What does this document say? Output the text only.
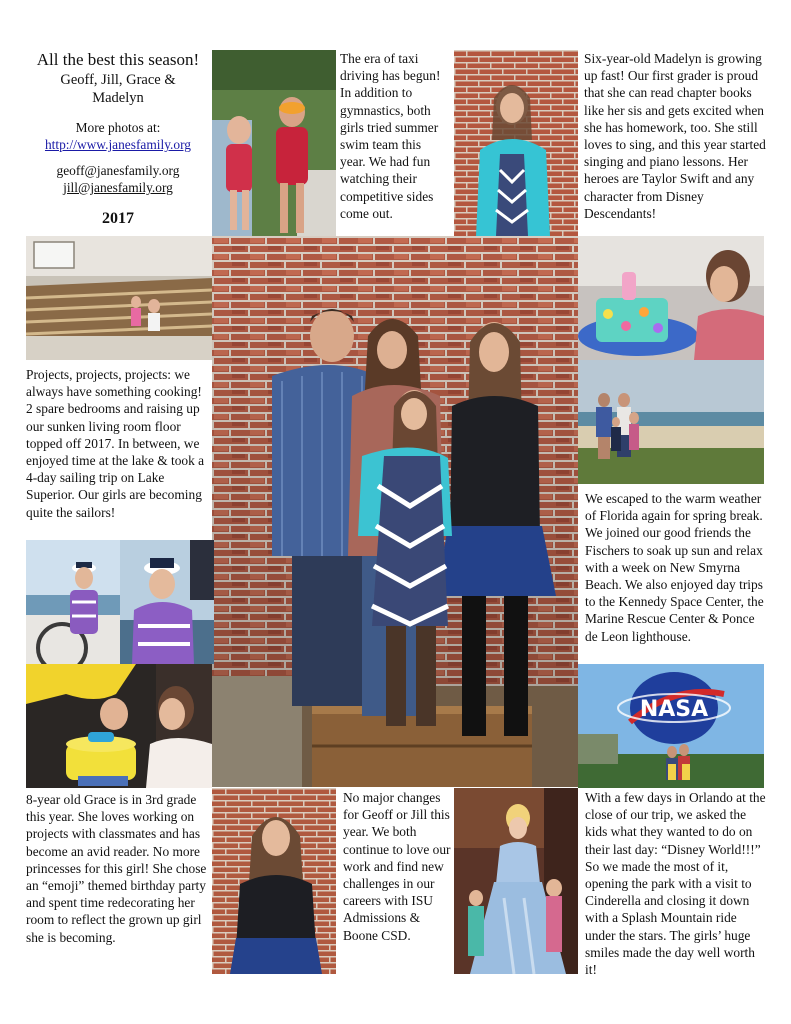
All the best this season!
Geoff, Jill, Grace & Madelyn
More photos at:
http://www.janesfamily.org
geoff@janesfamily.org
jill@janesfamily.org
2017
The era of taxi driving has begun! In addition to gymnastics, both girls tried summer swim team this year. We had fun watching their competitive sides come out.
Six-year-old Madelyn is growing up fast! Our first grader is proud that she can read chapter books like her sis and gets excited when she has homework, too. She still loves to sing, and this year started singing and piano lessons. Her heroes are Taylor Swift and any character from Disney Descendants!
Projects, projects, projects: we always have something cooking! 2 spare bedrooms and raising up our sunken living room floor topped off 2017. In between, we enjoyed time at the lake & took a 4-day sailing trip on Lake Superior. Our girls are becoming quite the sailors!
We escaped to the warm weather of Florida again for spring break. We joined our good friends the Fischers to soak up sun and relax with a week on New Smyrna Beach. We also enjoyed day trips to the Kennedy Space Center, the Marine Rescue Center & Ponce de Leon lighthouse.
8-year old Grace is in 3rd grade this year. She loves working on projects with classmates and has become an avid reader. No more princesses for this girl! She chose an “emoji” themed birthday party and spent time redecorating her room to reflect the grown up girl she is becoming.
No major changes for Geoff or Jill this year. We both continue to love our work and find new challenges in our careers with ISU Admissions & Boone CSD.
With a few days in Orlando at the close of our trip, we asked the kids what they wanted to do on their last day: “Disney World!!!” So we made the most of it, opening the park with a visit to Cinderella and closing it down with a Splash Mountain ride under the stars. The girls’ huge smiles made the day well worth it!
NASA
